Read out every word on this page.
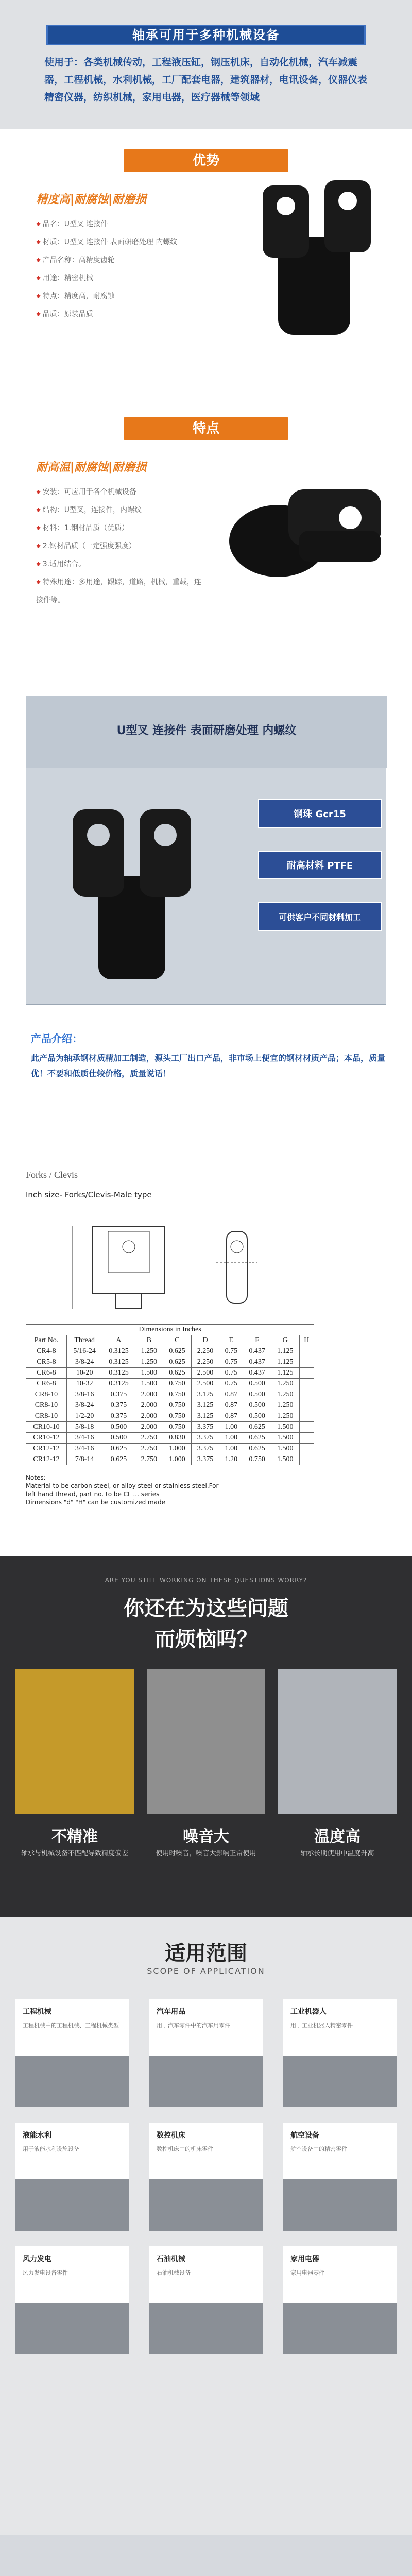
轴承可用于多种机械设备
使用于：各类机械传动，工程液压缸，钢压机床，自动化机械，汽车减震器，工程机械，水利机械，工厂配套电器，建筑器材，电讯设备，仪器仪表精密仪器，纺织机械，家用电器，医疗器械等领域
优势
精度高|耐腐蚀|耐磨损
✱ 品名：U型叉 连接件
✱ 材质：U型叉 连接件 表面研磨处理 内螺纹
✱ 产品名称：高精度齿轮
✱ 用途：精密机械
✱ 特点：精度高，耐腐蚀
✱ 品质：原装品质
特点
耐高温|耐腐蚀|耐磨损
✱ 安装：可应用于各个机械设备
✱ 结构：U型叉，连接件，内螺纹
✱ 材料：1.钢材品质（优质）
✱ 2.钢材品质（一定强度强度）
✱ 3.适用结合。
✱ 特殊用途：多用途，跟踪，道路，机械，重载，连接件等。
U型叉 连接件 表面研磨处理 内螺纹
钢珠 Gcr15
耐高材料 PTFE
可供客户不同材料加工
产品介绍：
此产品为轴承钢材质精加工制造，源头工厂出口产品，非市场上便宜的钢材材质产品；本品，质量优！不要和低质仕较价格，质量说话！
Forks / Clevis
Inch size- Forks/Clevis-Male type
Dimensions in Inches									
Part No.	Thread	A	B	C	D	E	F	G	H
CR4-8	5/16-24	0.3125	1.250	0.625	2.250	0.75	0.437	1.125	
CR5-8	3/8-24	0.3125	1.250	0.625	2.250	0.75	0.437	1.125	
CR6-8	10-20	0.3125	1.500	0.625	2.500	0.75	0.437	1.125	
CR6-8	10-32	0.3125	1.500	0.750	2.500	0.75	0.500	1.250	
CR8-10	3/8-16	0.375	2.000	0.750	3.125	0.87	0.500	1.250	
CR8-10	3/8-24	0.375	2.000	0.750	3.125	0.87	0.500	1.250	
CR8-10	1/2-20	0.375	2.000	0.750	3.125	0.87	0.500	1.250	
CR10-10	5/8-18	0.500	2.000	0.750	3.375	1.00	0.625	1.500	
CR10-12	3/4-16	0.500	2.750	0.830	3.375	1.00	0.625	1.500	
CR12-12	3/4-16	0.625	2.750	1.000	3.375	1.00	0.625	1.500	
CR12-12	7/8-14	0.625	2.750	1.000	3.375	1.20	0.750	1.500	
Notes:
Material to be carbon steel, or alloy steel or stainless steel.For
left hand thread, part no. to be CL ... series
Dimensions "d" "H" can be customized made
ARE YOU STILL WORKING ON THESE QUESTIONS WORRY?
你还在为这些问题
而烦恼吗？
不精准	噪音大	温度高
轴承与机械设备不匹配导致精度偏差	使用时噪音，噪音大影响正常使用	轴承长期使用中温度升高
适用范围
SCOPE OF APPLICATION
工程机械
工程机械中的工程机械、工程机械类型
汽车用品
用于汽车零件中的汽车用零件
工业机器人
用于工业机器人精密零件
液能水利
用于液能水利设施设备
数控机床
数控机床中的机床零件
航空设备
航空设备中的精密零件
风力发电
风力发电设备零件
石油机械
石油机械设备
家用电器
家用电器零件
